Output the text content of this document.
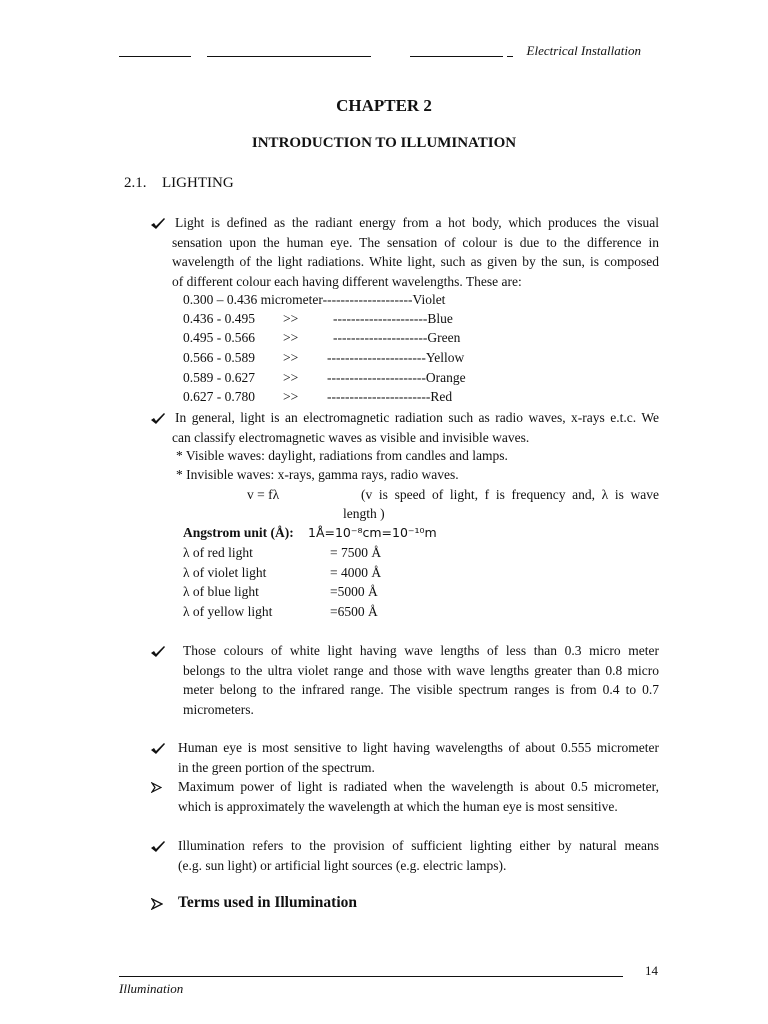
Electrical Installation
CHAPTER 2
INTRODUCTION TO ILLUMINATION
2.1. LIGHTING
Light is defined as the radiant energy from a hot body, which produces the visual
sensation upon the human eye. The sensation of colour is due to the difference in
wavelength of the light radiations. White light, such as given by the sun, is composed
of different colour each having different wavelengths. These are:
0.300 – 0.436 micrometer--------------------Violet
0.436 - 0.495 >>	---------------------Blue
0.495 - 0.566 >>	---------------------Green
0.566 - 0.589 >> ----------------------Yellow
0.589 - 0.627 >> ----------------------Orange
0.627 - 0.780 >> -----------------------Red
In general, light is an electromagnetic radiation such as radio waves, x-rays e.t.c. We
can classify electromagnetic waves as visible and invisible waves.
* Visible waves: daylight, radiations from candles and lamps.
* Invisible waves: x-rays, gamma rays, radio waves.
v = fλ	(v is speed of light, f is frequency and, λ is wave
length )
Angstrom unit (Å): 1Å=10⁻⁸cm=10⁻¹⁰m
λ of red light	= 7500 Å
λ of violet light	= 4000 Å
λ of blue light	=5000 Å
λ of yellow light	=6500 Å
Those colours of white light having wave lengths of less than 0.3 micro meter
belongs to the ultra violet range and those with wave lengths greater than 0.8 micro
meter belong to the infrared range. The visible spectrum ranges is from 0.4 to 0.7
micrometers.
Human eye is most sensitive to light having wavelengths of about 0.555 micrometer
in the green portion of the spectrum.
Maximum power of light is radiated when the wavelength is about 0.5 micrometer,
which is approximately the wavelength at which the human eye is most sensitive.
Illumination refers to the provision of sufficient lighting either by natural means
(e.g. sun light) or artificial light sources (e.g. electric lamps).
Terms used in Illumination
14
Illumination
